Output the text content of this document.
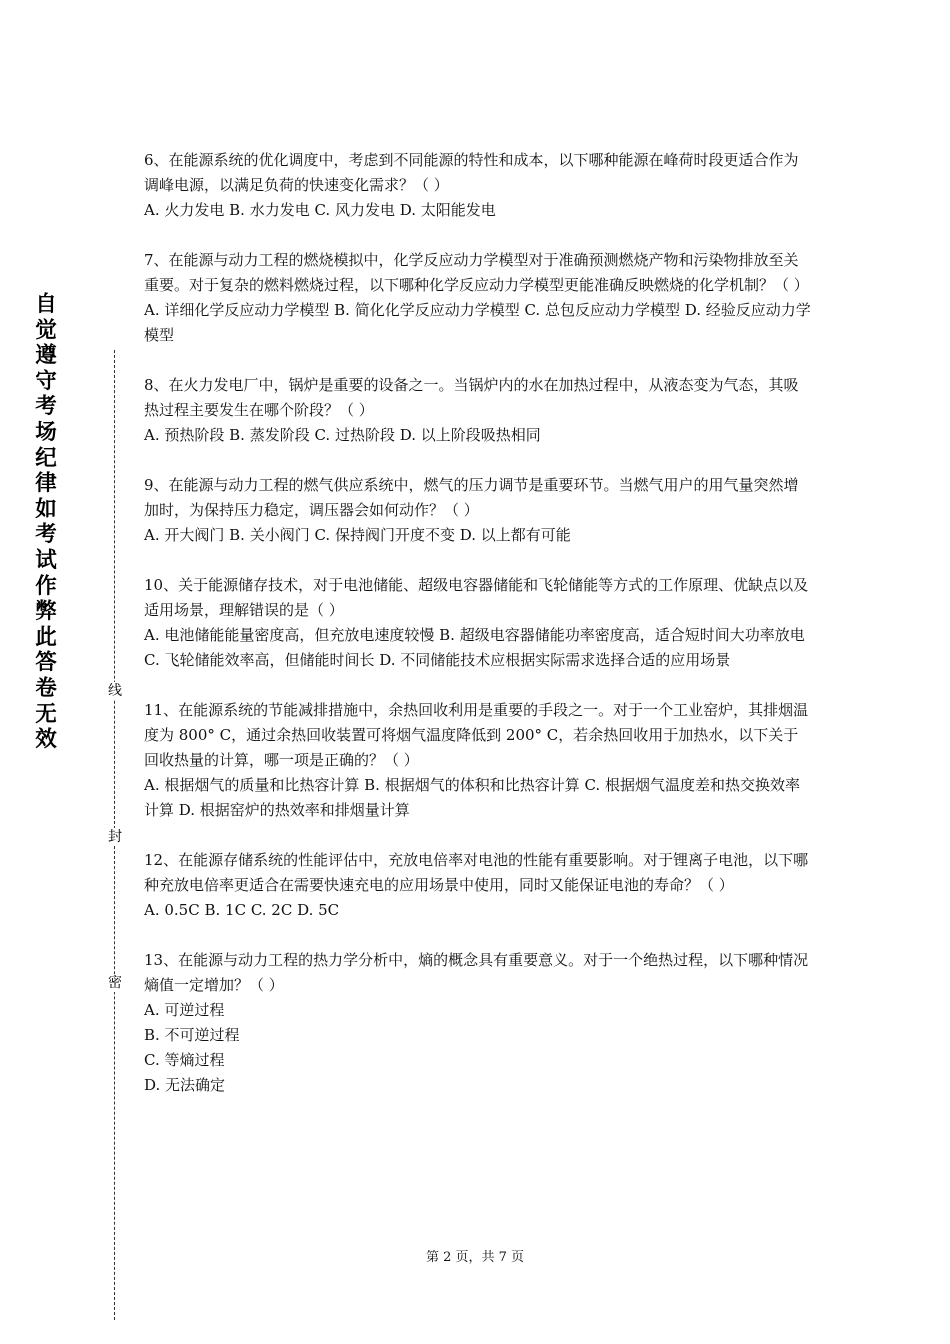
自觉遵守考场纪律如考试作弊此答卷无效
线
封
密

6、在能源系统的优化调度中，考虑到不同能源的特性和成本，以下哪种能源在峰荷时段更适合作为调峰电源，以满足负荷的快速变化需求？（ ）

A. 火力发电 B. 水力发电 C. 风力发电 D. 太阳能发电

7、在能源与动力工程的燃烧模拟中，化学反应动力学模型对于准确预测燃烧产物和污染物排放至关重要。对于复杂的燃料燃烧过程，以下哪种化学反应动力学模型更能准确反映燃烧的化学机制？（ ）

A. 详细化学反应动力学模型 B. 简化化学反应动力学模型 C. 总包反应动力学模型 D. 经验反应动力学模型

8、在火力发电厂中，锅炉是重要的设备之一。当锅炉内的水在加热过程中，从液态变为气态，其吸热过程主要发生在哪个阶段？（ ）

A. 预热阶段 B. 蒸发阶段 C. 过热阶段 D. 以上阶段吸热相同

9、在能源与动力工程的燃气供应系统中，燃气的压力调节是重要环节。当燃气用户的用气量突然增加时，为保持压力稳定，调压器会如何动作？（ ）

A. 开大阀门 B. 关小阀门 C. 保持阀门开度不变 D. 以上都有可能

10、关于能源储存技术，对于电池储能、超级电容器储能和飞轮储能等方式的工作原理、优缺点以及适用场景，理解错误的是（ ）

A. 电池储能能量密度高，但充放电速度较慢 B. 超级电容器储能功率密度高，适合短时间大功率放电 C. 飞轮储能效率高，但储能时间长 D. 不同储能技术应根据实际需求选择合适的应用场景

11、在能源系统的节能减排措施中，余热回收利用是重要的手段之一。对于一个工业窑炉，其排烟温度为 800° C，通过余热回收装置可将烟气温度降低到 200° C，若余热回收用于加热水，以下关于回收热量的计算，哪一项是正确的？（ ）

A. 根据烟气的质量和比热容计算 B. 根据烟气的体积和比热容计算 C. 根据烟气温度差和热交换效率计算 D. 根据窑炉的热效率和排烟量计算

12、在能源存储系统的性能评估中，充放电倍率对电池的性能有重要影响。对于锂离子电池，以下哪种充放电倍率更适合在需要快速充电的应用场景中使用，同时又能保证电池的寿命？（ ）

A. 0.5C B. 1C C. 2C D. 5C

13、在能源与动力工程的热力学分析中，熵的概念具有重要意义。对于一个绝热过程，以下哪种情况熵值一定增加？（ ）

A. 可逆过程

B. 不可逆过程

C. 等熵过程

D. 无法确定

第 2 页，共 7 页
